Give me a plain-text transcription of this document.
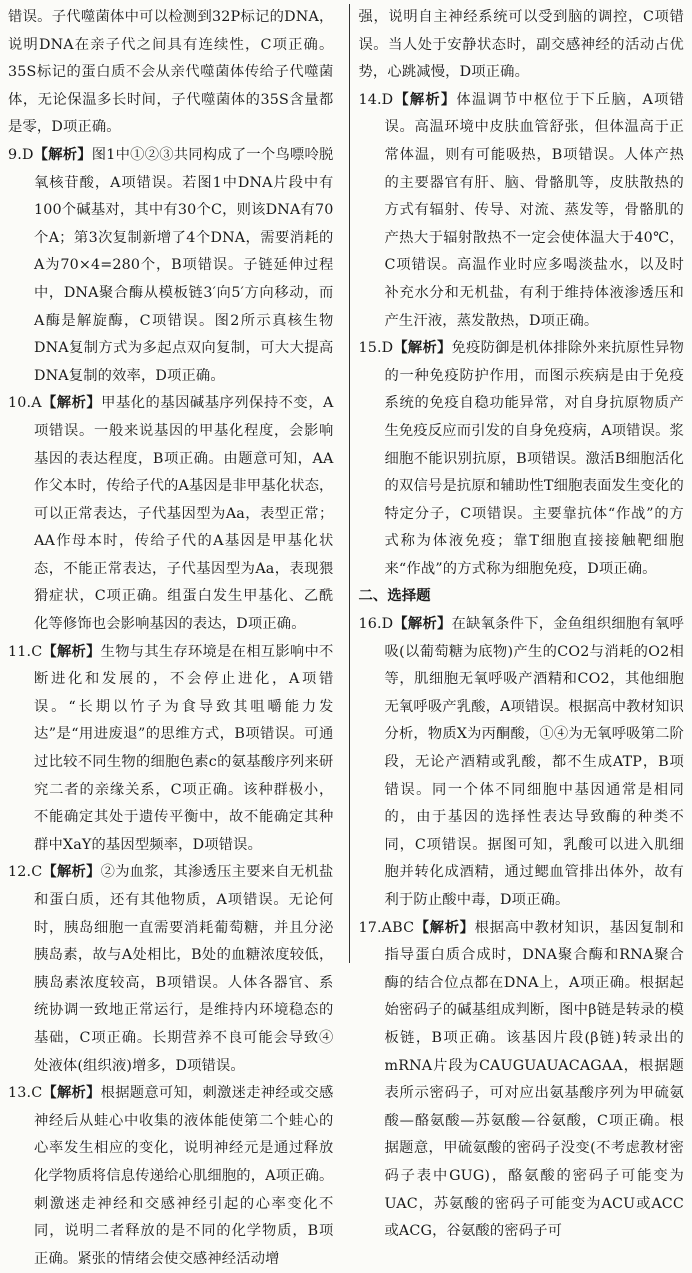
错误。子代噬菌体中可以检测到32P标记的DNA，说明DNA在亲子代之间具有连续性，C项正确。35S标记的蛋白质不会从亲代噬菌体传给子代噬菌体，无论保温多长时间，子代噬菌体的35S含量都是零，D项正确。

9.D【解析】图1中①②③共同构成了一个鸟嘌呤脱氧核苷酸，A项错误。若图1中DNA片段中有100个碱基对，其中有30个C，则该DNA有70个A；第3次复制新增了4个DNA，需要消耗的A为70×4=280个，B项错误。子链延伸过程中，DNA聚合酶从模板链3′向5′方向移动，而A酶是解旋酶，C项错误。图2所示真核生物DNA复制方式为多起点双向复制，可大大提高DNA复制的效率，D项正确。

10.A【解析】甲基化的基因碱基序列保持不变，A项错误。一般来说基因的甲基化程度，会影响基因的表达程度，B项正确。由题意可知，AA作父本时，传给子代的A基因是非甲基化状态，可以正常表达，子代基因型为Aa，表型正常；AA作母本时，传给子代的A基因是甲基化状态，不能正常表达，子代基因型为Aa，表现猥猾症状，C项正确。组蛋白发生甲基化、乙酰化等修饰也会影响基因的表达，D项正确。

11.C【解析】生物与其生存环境是在相互影响中不断进化和发展的，不会停止进化，A项错误。“长期以竹子为食导致其咀嚼能力发达”是“用进废退”的思维方式，B项错误。可通过比较不同生物的细胞色素c的氨基酸序列来研究二者的亲缘关系，C项正确。该种群极小，不能确定其处于遗传平衡中，故不能确定其种群中XaY的基因型频率，D项错误。

12.C【解析】②为血浆，其渗透压主要来自无机盐和蛋白质，还有其他物质，A项错误。无论何时，胰岛细胞一直需要消耗葡萄糖，并且分泌胰岛素，故与A处相比，B处的血糖浓度较低，胰岛素浓度较高，B项错误。人体各器官、系统协调一致地正常运行，是维持内环境稳态的基础，C项正确。长期营养不良可能会导致④处液体(组织液)增多，D项错误。

13.C【解析】根据题意可知，刺激迷走神经或交感神经后从蛙心中收集的液体能使第二个蛙心的心率发生相应的变化，说明神经元是通过释放化学物质将信息传递给心肌细胞的，A项正确。刺激迷走神经和交感神经引起的心率变化不同，说明二者释放的是不同的化学物质，B项正确。紧张的情绪会使交感神经活动增

强，说明自主神经系统可以受到脑的调控，C项错误。当人处于安静状态时，副交感神经的活动占优势，心跳减慢，D项正确。

14.D【解析】体温调节中枢位于下丘脑，A项错误。高温环境中皮肤血管舒张，但体温高于正常体温，则有可能吸热，B项错误。人体产热的主要器官有肝、脑、骨骼肌等，皮肤散热的方式有辐射、传导、对流、蒸发等，骨骼肌的产热大于辐射散热不一定会使体温大于40℃，C项错误。高温作业时应多喝淡盐水，以及时补充水分和无机盐，有利于维持体液渗透压和产生汗液，蒸发散热，D项正确。

15.D【解析】免疫防御是机体排除外来抗原性异物的一种免疫防护作用，而图示疾病是由于免疫系统的免疫自稳功能异常，对自身抗原物质产生免疫反应而引发的自身免疫病，A项错误。浆细胞不能识别抗原，B项错误。激活B细胞活化的双信号是抗原和辅助性T细胞表面发生变化的特定分子，C项错误。主要靠抗体“作战”的方式称为体液免疫；靠T细胞直接接触靶细胞来“作战”的方式称为细胞免疫，D项正确。

二、选择题

16.D【解析】在缺氧条件下，金鱼组织细胞有氧呼吸(以葡萄糖为底物)产生的CO2与消耗的O2相等，肌细胞无氧呼吸产酒精和CO2，其他细胞无氧呼吸产乳酸，A项错误。根据高中教材知识分析，物质X为丙酮酸，①④为无氧呼吸第二阶段，无论产酒精或乳酸，都不生成ATP，B项错误。同一个体不同细胞中基因通常是相同的，由于基因的选择性表达导致酶的种类不同，C项错误。据图可知，乳酸可以进入肌细胞并转化成酒精，通过鳃血管排出体外，故有利于防止酸中毒，D项正确。

17.ABC【解析】根据高中教材知识，基因复制和指导蛋白质合成时，DNA聚合酶和RNA聚合酶的结合位点都在DNA上，A项正确。根据起始密码子的碱基组成判断，图中β链是转录的模板链，B项正确。该基因片段(β链)转录出的mRNA片段为CAUGUAUACAGAA，根据题表所示密码子，可对应出氨基酸序列为甲硫氨酸—酪氨酸—苏氨酸—谷氨酸，C项正确。根据题意，甲硫氨酸的密码子没变(不考虑教材密码子表中GUG)，酪氨酸的密码子可能变为UAC，苏氨酸的密码子可能变为ACU或ACC或ACG，谷氨酸的密码子可
